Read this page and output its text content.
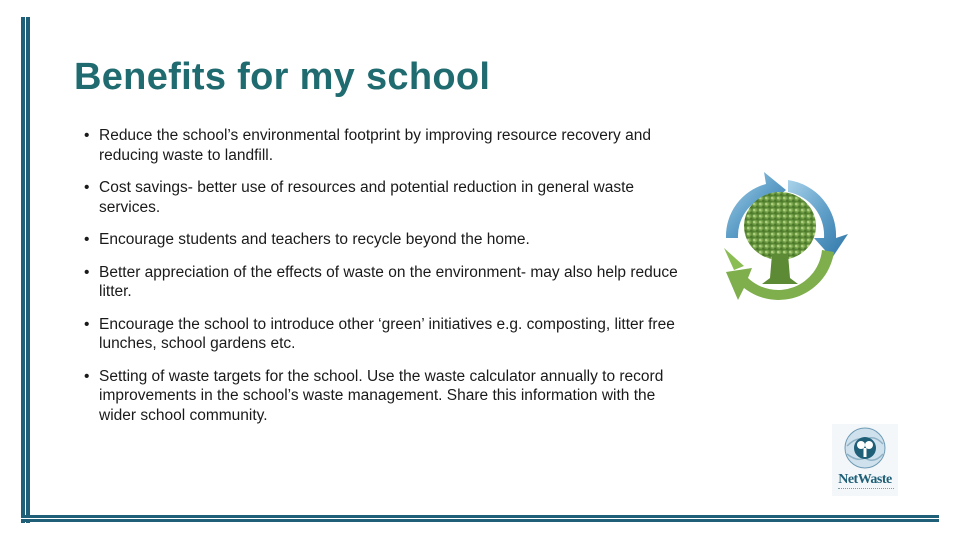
Benefits for my school
• Reduce the school’s environmental footprint by improving resource recovery and reducing waste to landfill.
• Cost savings- better use of resources and potential reduction in general waste services.
• Encourage students and teachers to recycle beyond the home.
• Better appreciation of the effects of waste on the environment- may also help reduce litter.
• Encourage the school to introduce other ‘green’ initiatives e.g. composting, litter free lunches, school gardens etc.
• Setting of waste targets for the school. Use the waste calculator annually to record improvements in the school’s waste management. Share this information with the wider school community.
NetWaste
